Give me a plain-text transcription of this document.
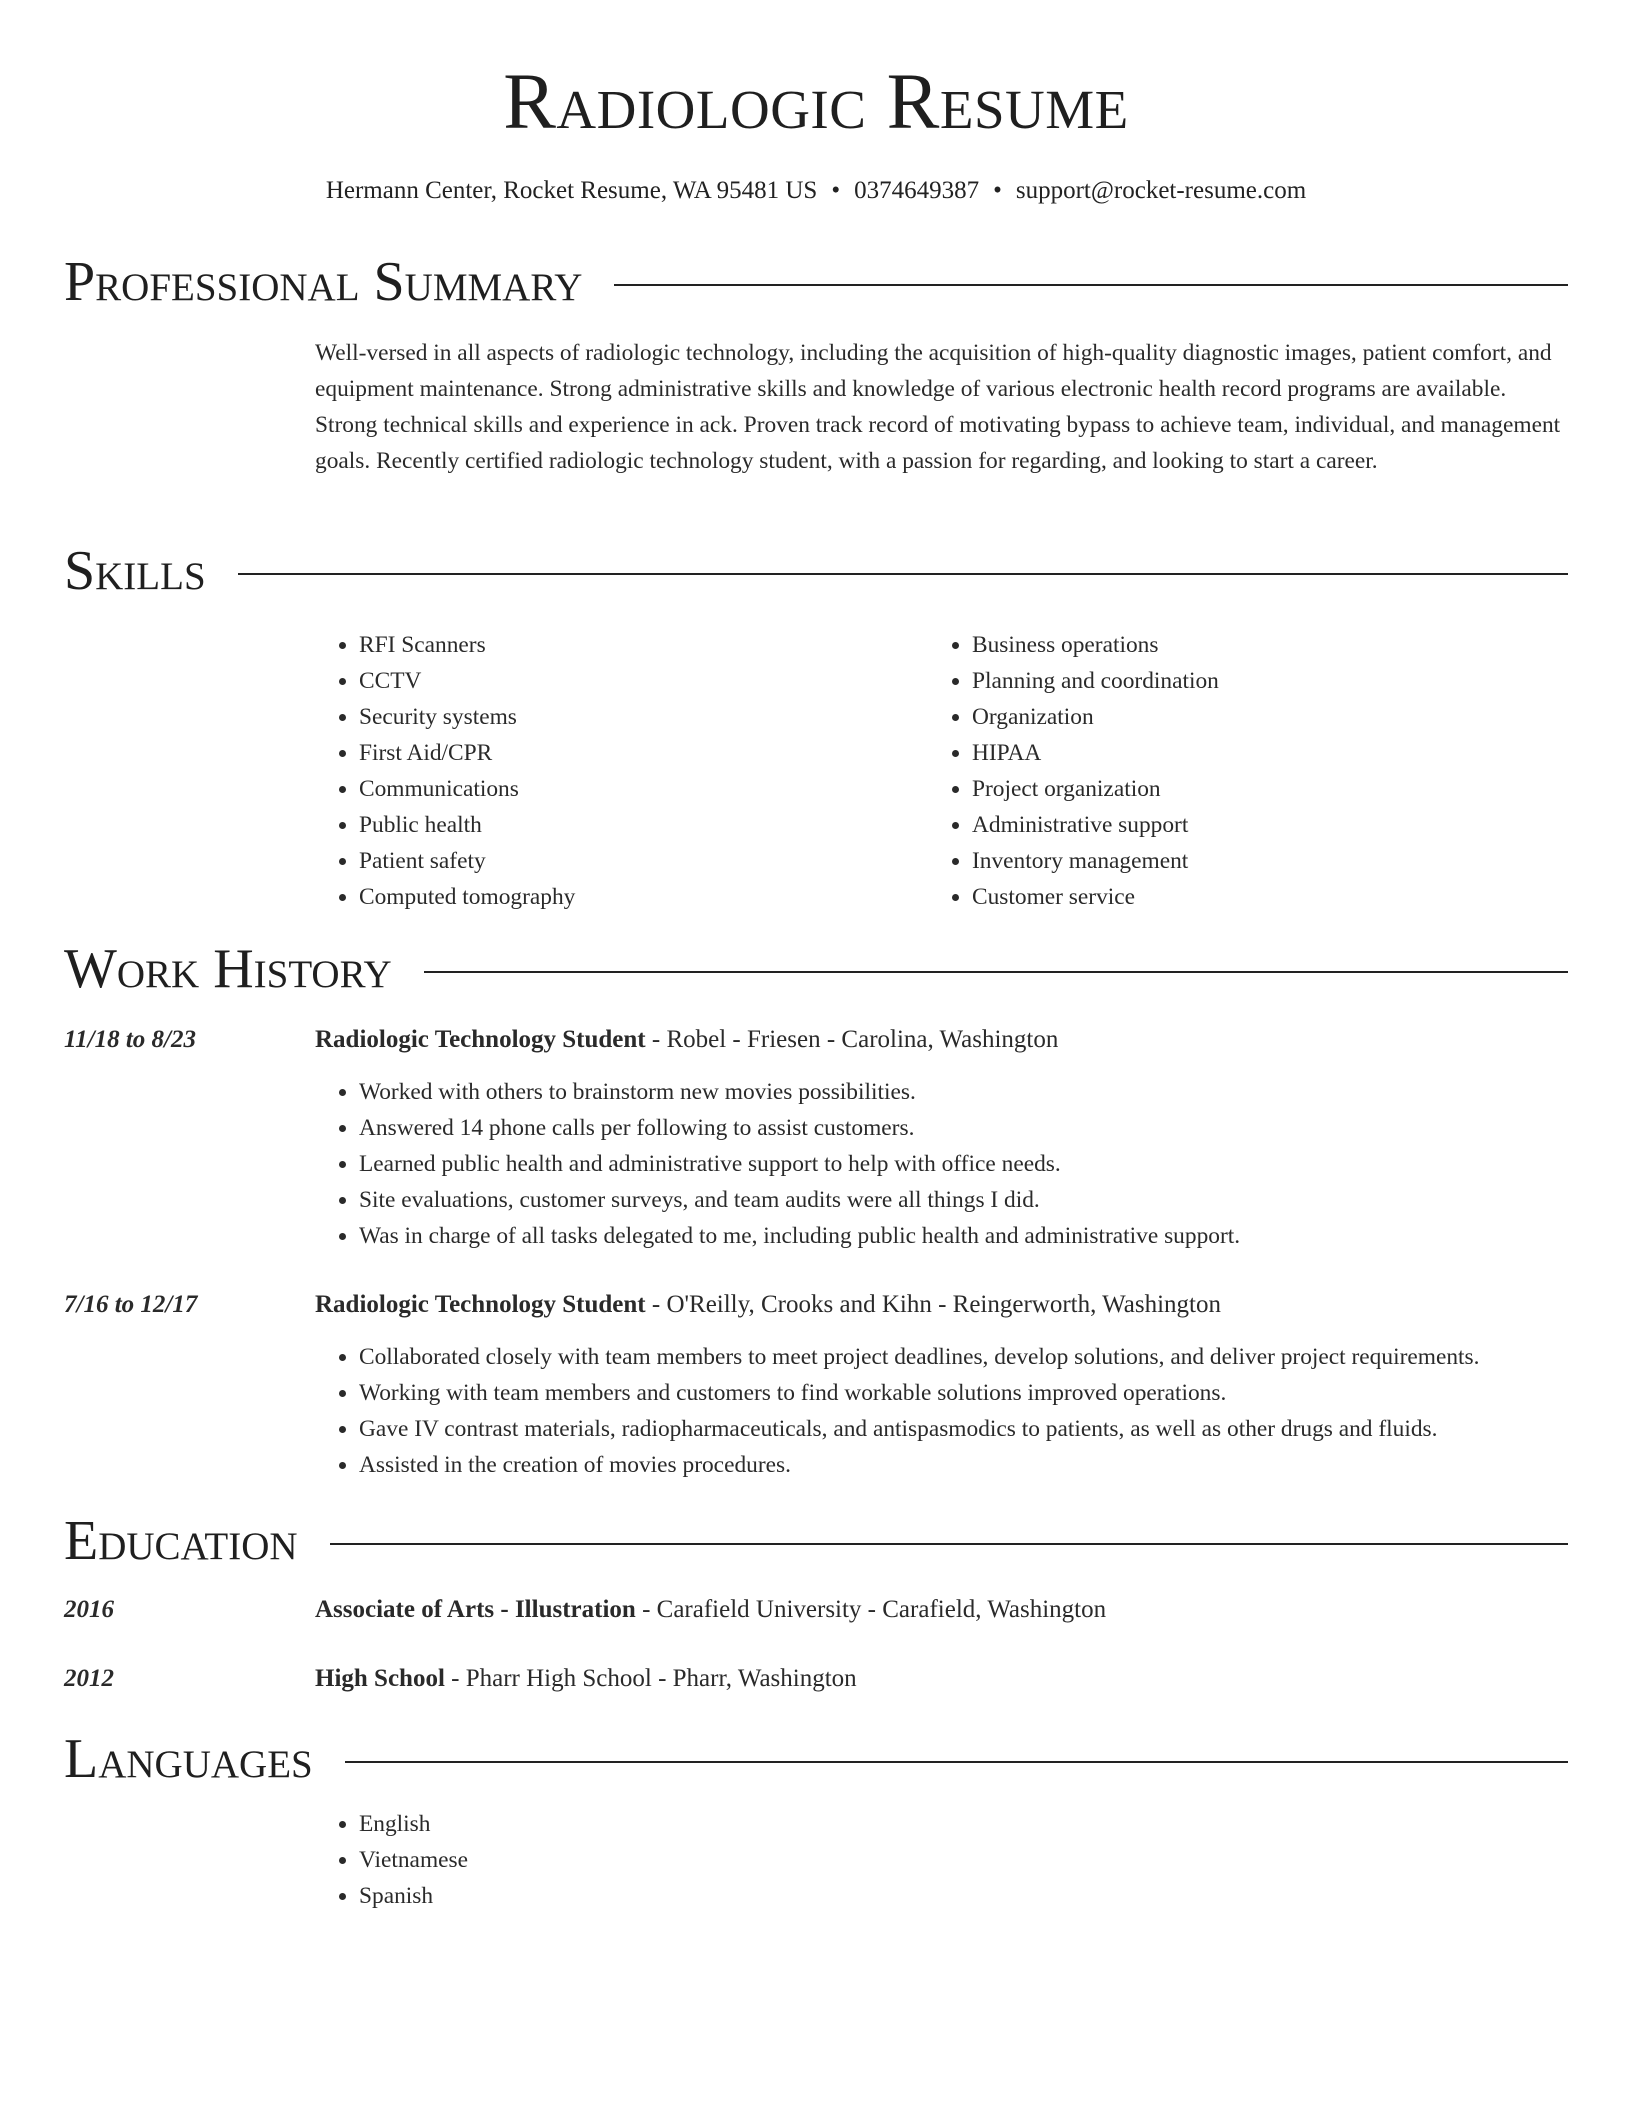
Radiologic Resume
Hermann Center, Rocket Resume, WA 95481 US • 0374649387 • support@rocket-resume.com
Professional Summary
Well-versed in all aspects of radiologic technology, including the acquisition of high-quality diagnostic images, patient comfort, and equipment maintenance. Strong administrative skills and knowledge of various electronic health record programs are available. Strong technical skills and experience in ack. Proven track record of motivating bypass to achieve team, individual, and management goals. Recently certified radiologic technology student, with a passion for regarding, and looking to start a career.
Skills
• RFI Scanners
• CCTV
• Security systems
• First Aid/CPR
• Communications
• Public health
• Patient safety
• Computed tomography
• Business operations
• Planning and coordination
• Organization
• HIPAA
• Project organization
• Administrative support
• Inventory management
• Customer service
Work History
11/18 to 8/23	Radiologic Technology Student - Robel - Friesen - Carolina, Washington
• Worked with others to brainstorm new movies possibilities.
• Answered 14 phone calls per following to assist customers.
• Learned public health and administrative support to help with office needs.
• Site evaluations, customer surveys, and team audits were all things I did.
• Was in charge of all tasks delegated to me, including public health and administrative support.
7/16 to 12/17	Radiologic Technology Student - O'Reilly, Crooks and Kihn - Reingerworth, Washington
• Collaborated closely with team members to meet project deadlines, develop solutions, and deliver project requirements.
• Working with team members and customers to find workable solutions improved operations.
• Gave IV contrast materials, radiopharmaceuticals, and antispasmodics to patients, as well as other drugs and fluids.
• Assisted in the creation of movies procedures.
Education
2016	Associate of Arts - Illustration - Carafield University - Carafield, Washington
2012	High School - Pharr High School - Pharr, Washington
Languages
• English
• Vietnamese
• Spanish
